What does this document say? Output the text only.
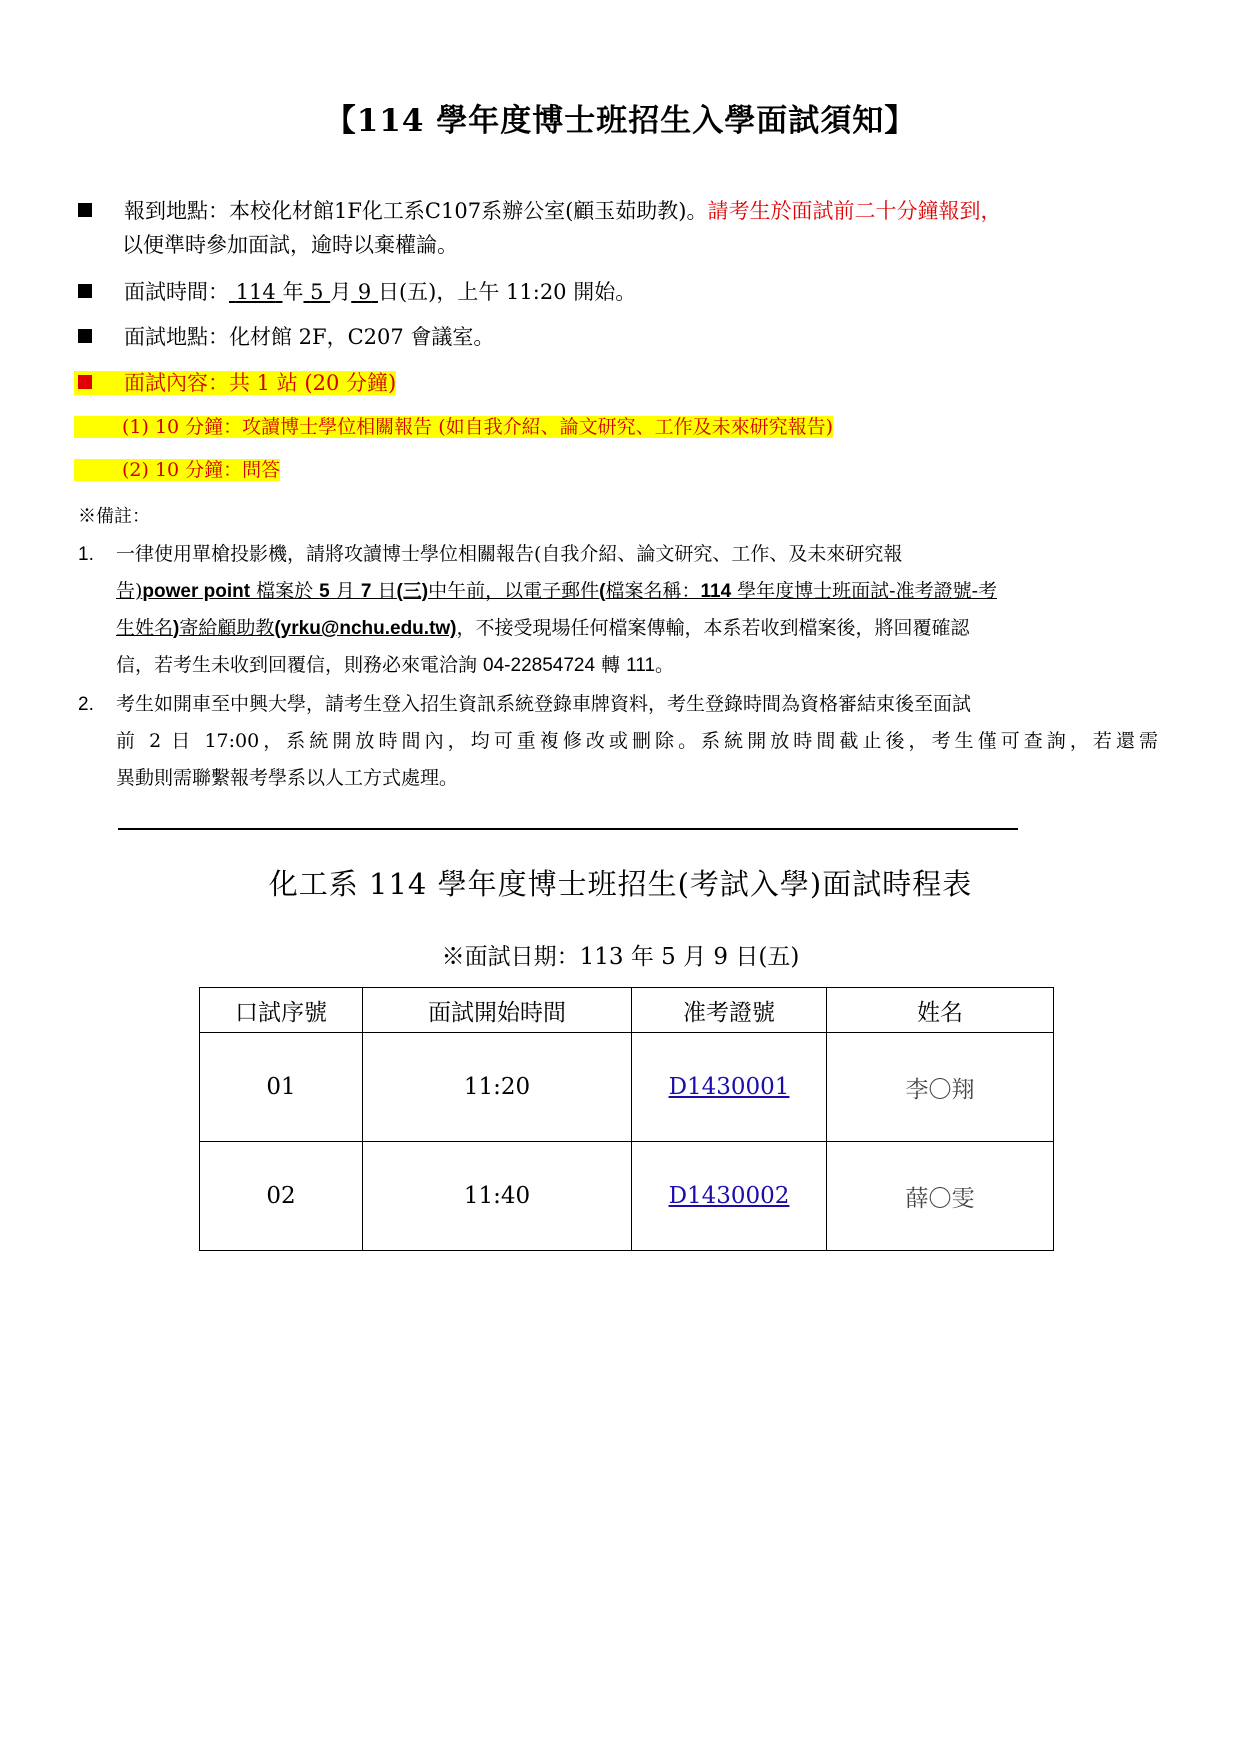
【114 學年度博士班招生入學面試須知】
報到地點：本校化材館1F化工系C107系辦公室(顧玉茹助教)。請考生於面試前二十分鐘報到，
以便準時參加面試，逾時以棄權論。
面試時間： 114 年 5 月 9 日(五)，上午 11:20 開始。
面試地點：化材館 2F，C207 會議室。
面試內容：共 1 站 (20 分鐘)
(1) 10 分鐘：攻讀博士學位相關報告 (如自我介紹、論文研究、工作及未來研究報告)
(2) 10 分鐘：問答
※備註：
1. 一律使用單槍投影機，請將攻讀博士學位相關報告(自我介紹、論文研究、工作、及未來研究報
告)power point 檔案於 5 月 7 日(三)中午前，以電子郵件(檔案名稱：114 學年度博士班面試-准考證號-考
生姓名)寄給顧助教(yrku@nchu.edu.tw)，不接受現場任何檔案傳輸，本系若收到檔案後，將回覆確認
信，若考生未收到回覆信，則務必來電洽詢 04-22854724 轉 111。
2. 考生如開車至中興大學，請考生登入招生資訊系統登錄車牌資料，考生登錄時間為資格審結束後至面試
前 2 日 17:00，系統開放時間內，均可重複修改或刪除。系統開放時間截止後，考生僅可查詢，若還需
異動則需聯繫報考學系以人工方式處理。
化工系 114 學年度博士班招生(考試入學)面試時程表
※面試日期：113 年 5 月 9 日(五)
口試序號	面試開始時間	准考證號	姓名
01	11:20	D1430001	李〇翔
02	11:40	D1430002	薛〇雯
